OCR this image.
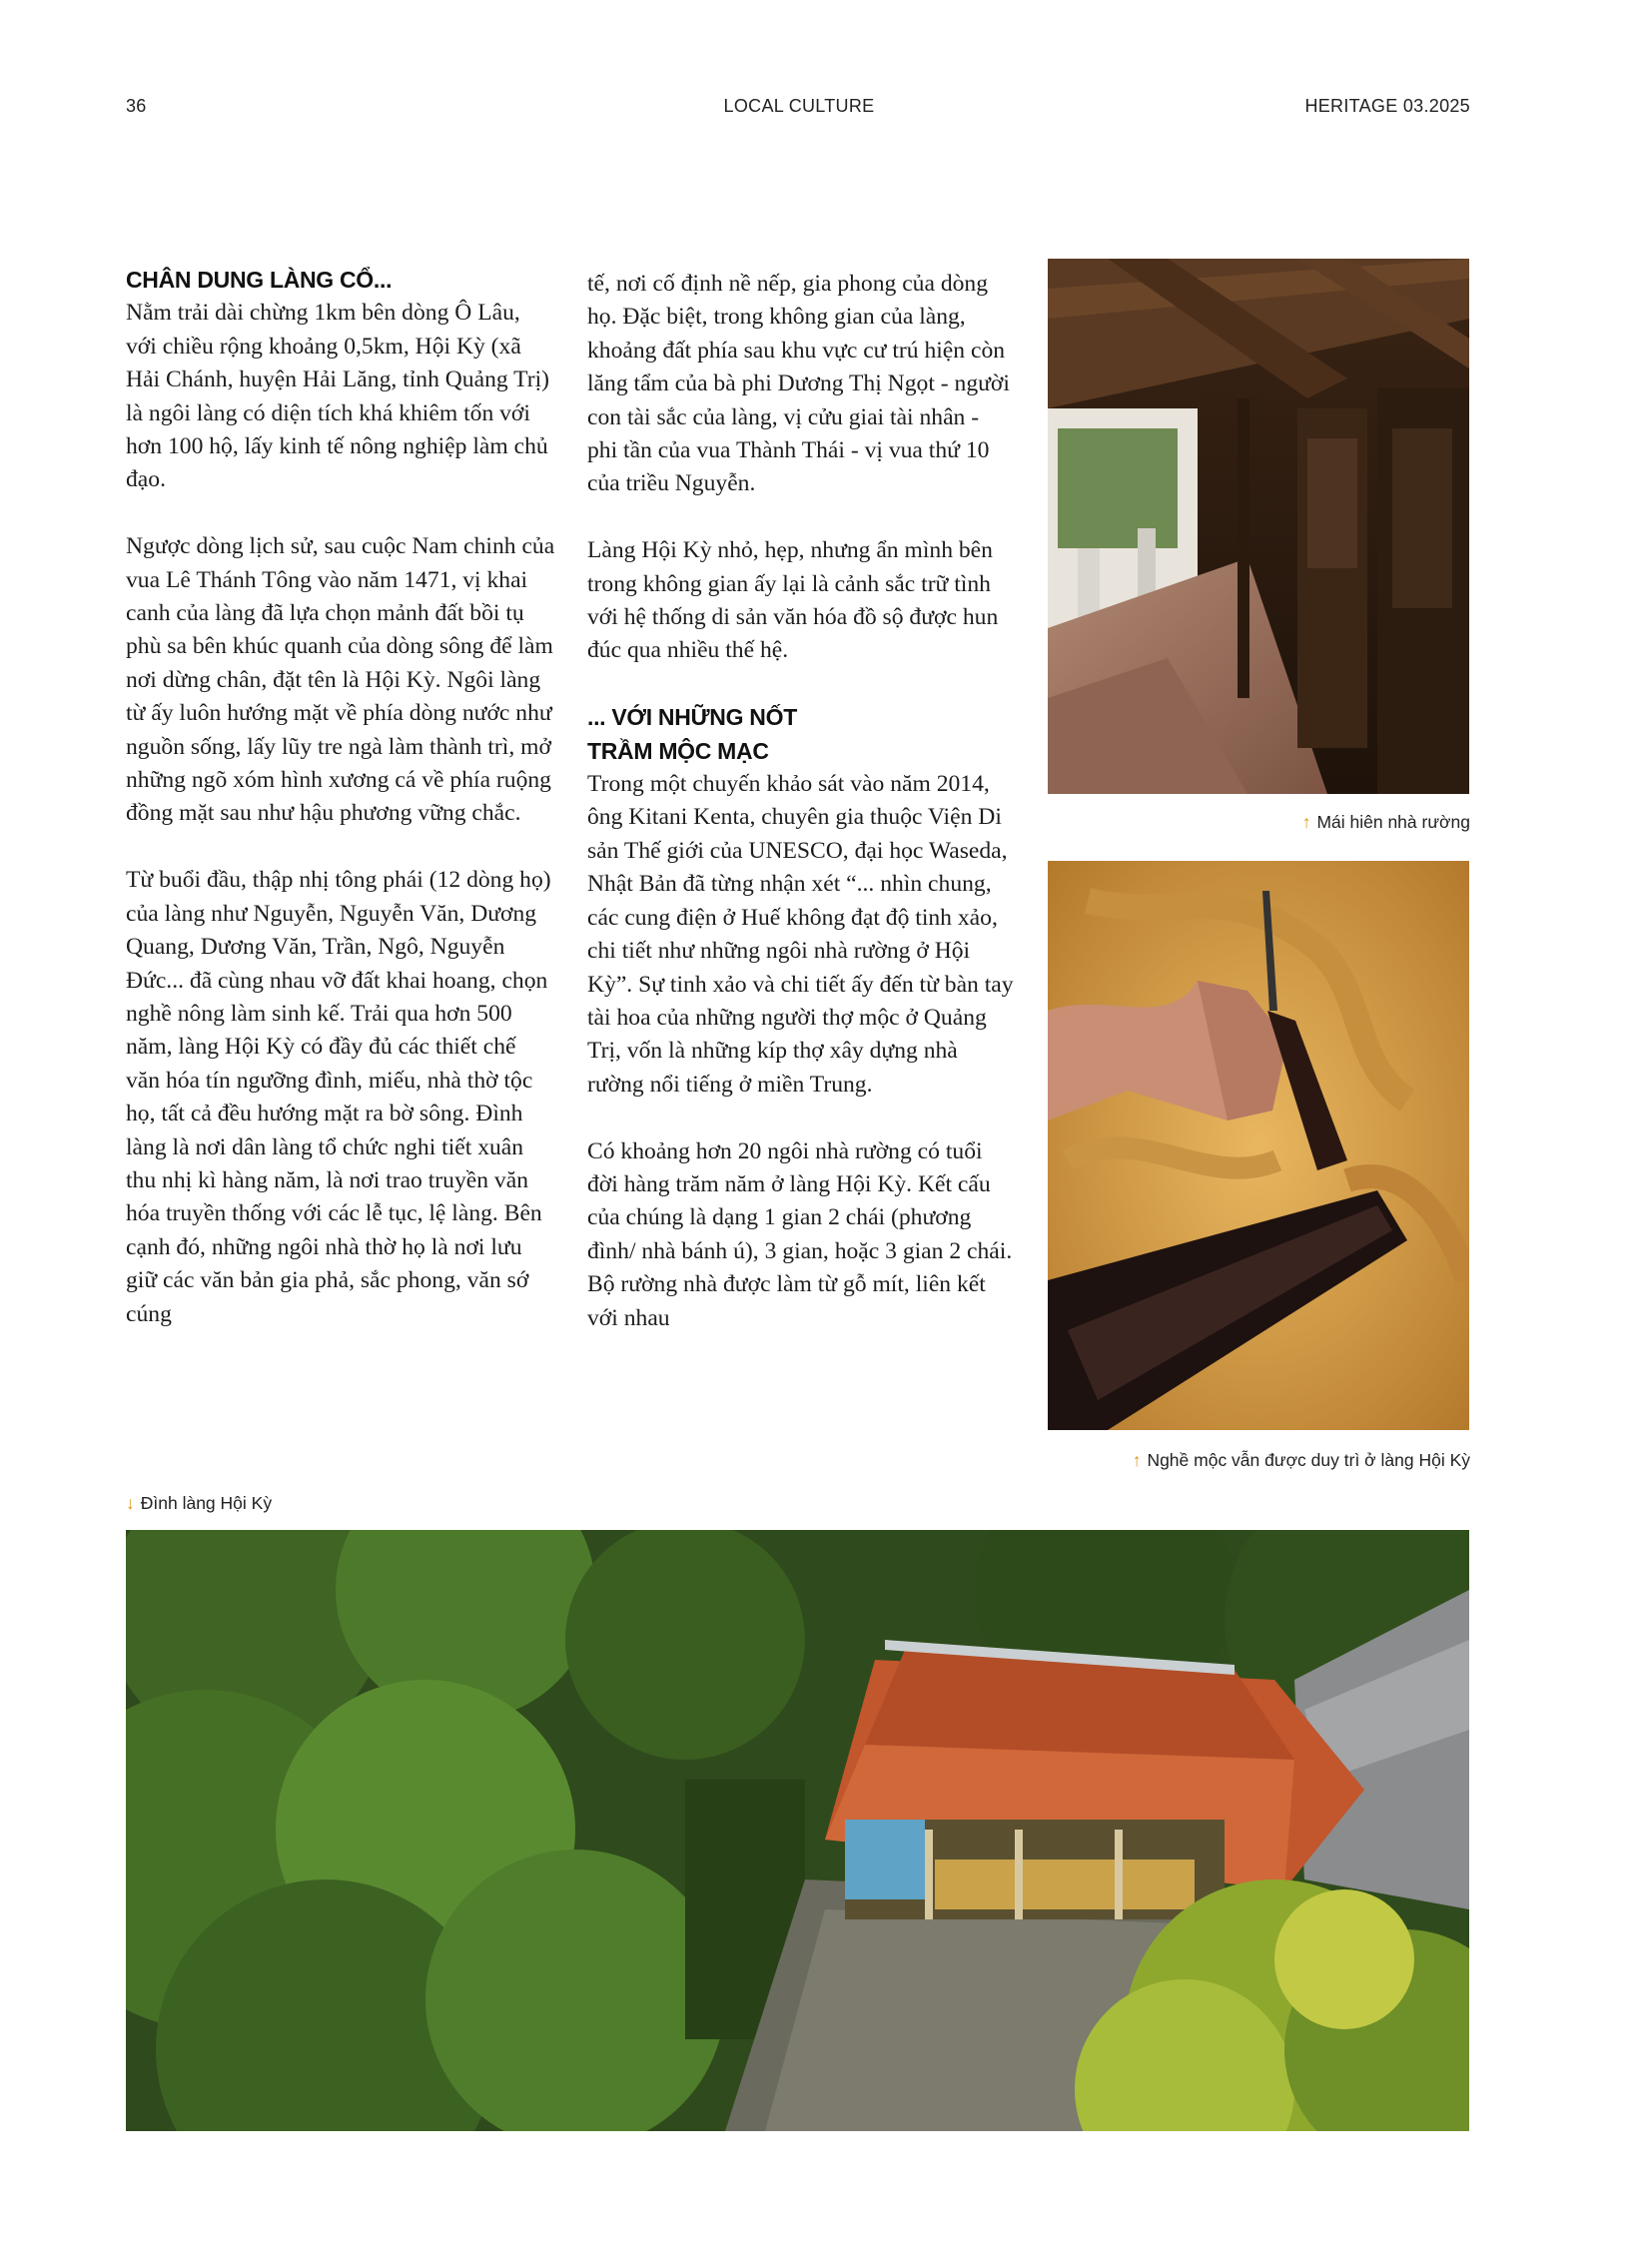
36	LOCAL CULTURE	HERITAGE 03.2025
CHÂN DUNG LÀNG CỔ...

Nằm trải dài chừng 1km bên dòng Ô Lâu, với chiều rộng khoảng 0,5km, Hội Kỳ (xã Hải Chánh, huyện Hải Lăng, tỉnh Quảng Trị) là ngôi làng có diện tích khá khiêm tốn với hơn 100 hộ, lấy kinh tế nông nghiệp làm chủ đạo.

Ngược dòng lịch sử, sau cuộc Nam chinh của vua Lê Thánh Tông vào năm 1471, vị khai canh của làng đã lựa chọn mảnh đất bồi tụ phù sa bên khúc quanh của dòng sông để làm nơi dừng chân, đặt tên là Hội Kỳ. Ngôi làng từ ấy luôn hướng mặt về phía dòng nước như nguồn sống, lấy lũy tre ngà làm thành trì, mở những ngõ xóm hình xương cá về phía ruộng đồng mặt sau như hậu phương vững chắc.

Từ buổi đầu, thập nhị tông phái (12 dòng họ) của làng như Nguyễn, Nguyễn Văn, Dương Quang, Dương Văn, Trần, Ngô, Nguyễn Đức... đã cùng nhau vỡ đất khai hoang, chọn nghề nông làm sinh kế. Trải qua hơn 500 năm, làng Hội Kỳ có đầy đủ các thiết chế văn hóa tín ngưỡng đình, miếu, nhà thờ tộc họ, tất cả đều hướng mặt ra bờ sông. Đình làng là nơi dân làng tổ chức nghi tiết xuân thu nhị kì hàng năm, là nơi trao truyền văn hóa truyền thống với các lễ tục, lệ làng. Bên cạnh đó, những ngôi nhà thờ họ là nơi lưu giữ các văn bản gia phả, sắc phong, văn sớ cúng

tế, nơi cố định nề nếp, gia phong của dòng họ. Đặc biệt, trong không gian của làng, khoảng đất phía sau khu vực cư trú hiện còn lăng tẩm của bà phi Dương Thị Ngọt - người con tài sắc của làng, vị cửu giai tài nhân - phi tần của vua Thành Thái - vị vua thứ 10 của triều Nguyễn.

Làng Hội Kỳ nhỏ, hẹp, nhưng ẩn mình bên trong không gian ấy lại là cảnh sắc trữ tình với hệ thống di sản văn hóa đồ sộ được hun đúc qua nhiều thế hệ.

... VỚI NHỮNG NỐT
TRẦM MỘC MẠC

Trong một chuyến khảo sát vào năm 2014, ông Kitani Kenta, chuyên gia thuộc Viện Di sản Thế giới của UNESCO, đại học Waseda, Nhật Bản đã từng nhận xét “... nhìn chung, các cung điện ở Huế không đạt độ tinh xảo, chi tiết như những ngôi nhà rường ở Hội Kỳ”. Sự tinh xảo và chi tiết ấy đến từ bàn tay tài hoa của những người thợ mộc ở Quảng Trị, vốn là những kíp thợ xây dựng nhà rường nổi tiếng ở miền Trung.

Có khoảng hơn 20 ngôi nhà rường có tuổi đời hàng trăm năm ở làng Hội Kỳ. Kết cấu của chúng là dạng 1 gian 2 chái (phương đình/ nhà bánh ú), 3 gian, hoặc 3 gian 2 chái. Bộ rường nhà được làm từ gỗ mít, liên kết với nhau

↑ Mái hiên nhà rường
↑ Nghề mộc vẫn được duy trì ở làng Hội Kỳ
↓ Đình làng Hội Kỳ
